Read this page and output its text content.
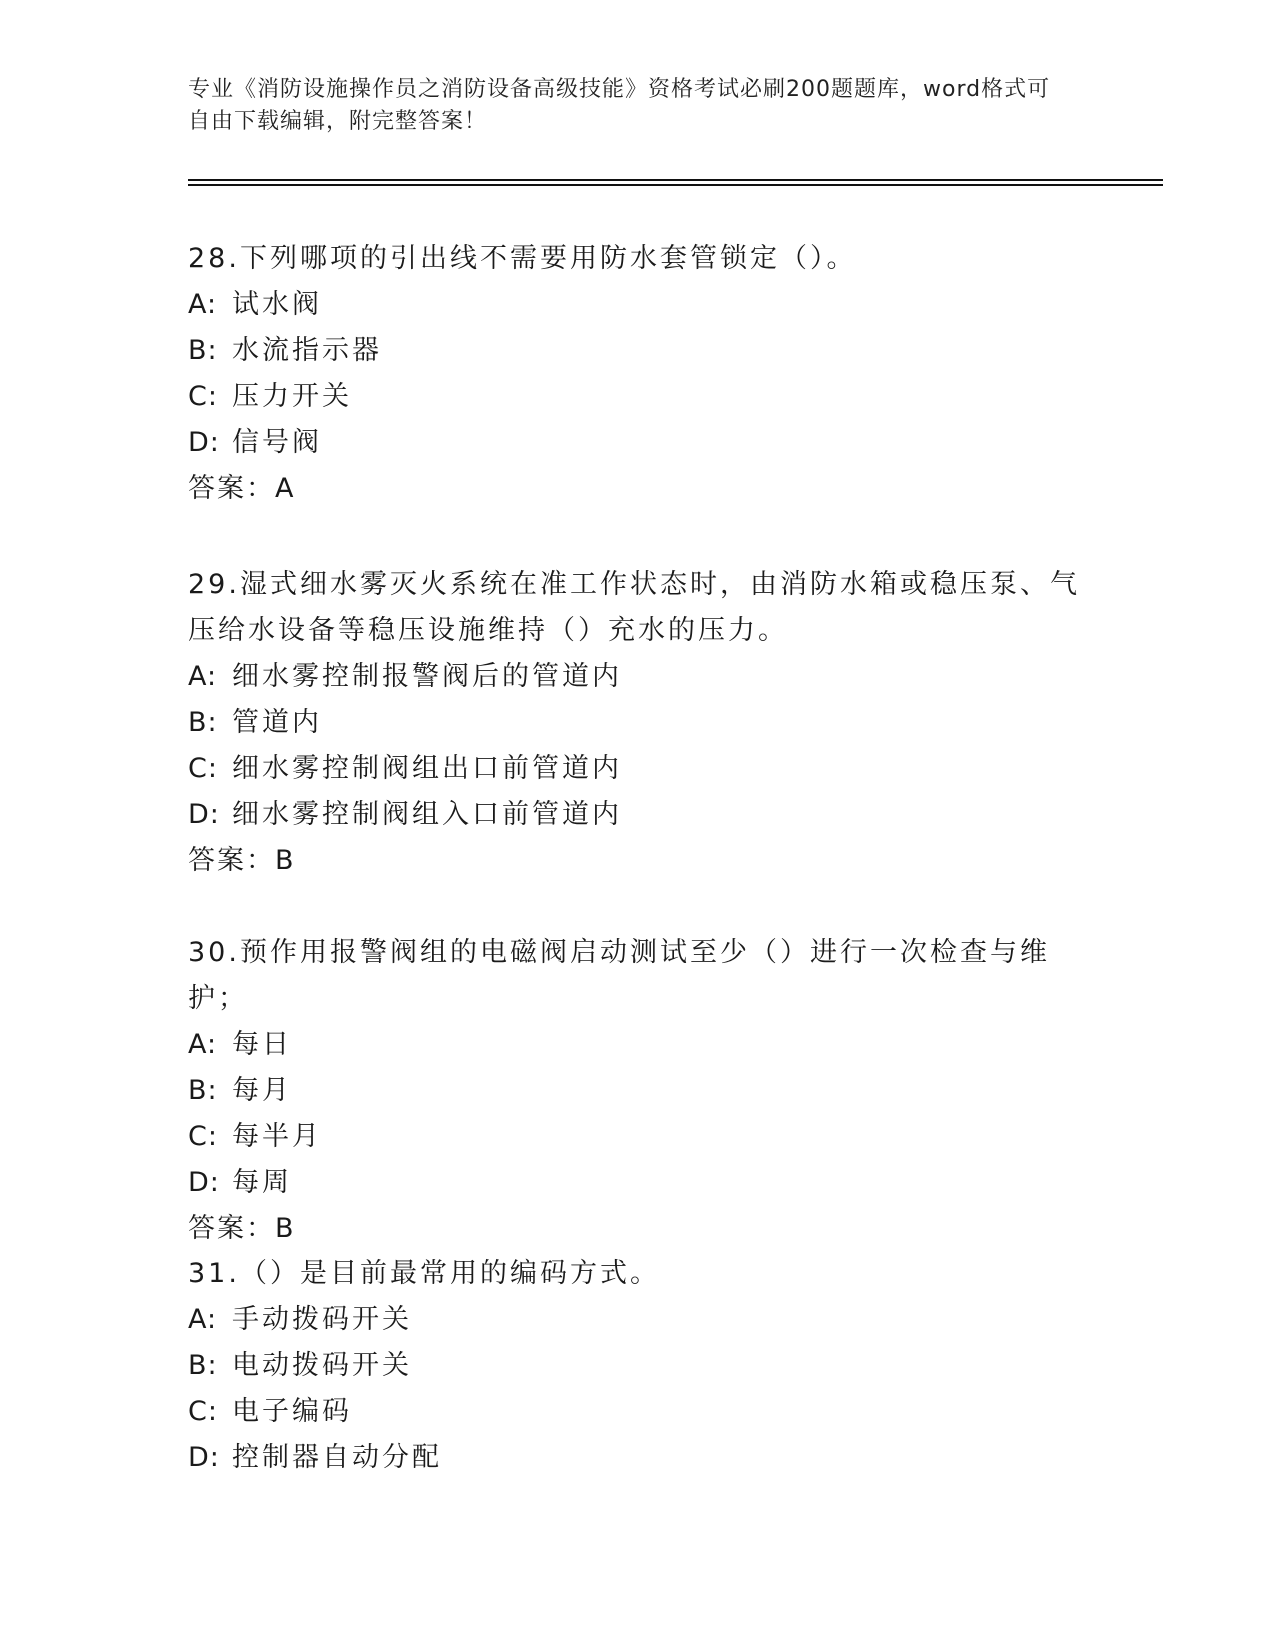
专业《消防设施操作员之消防设备高级技能》资格考试必刷200题题库，word格式可自由下载编辑，附完整答案！

28.下列哪项的引出线不需要用防水套管锁定（）。

A: 试水阀

B: 水流指示器

C: 压力开关

D: 信号阀

答案：A

29.湿式细水雾灭火系统在准工作状态时，由消防水箱或稳压泵、气压给水设备等稳压设施维持（）充水的压力。

A: 细水雾控制报警阀后的管道内

B: 管道内

C: 细水雾控制阀组出口前管道内

D: 细水雾控制阀组入口前管道内

答案：B

30.预作用报警阀组的电磁阀启动测试至少（）进行一次检查与维护；

A: 每日

B: 每月

C: 每半月

D: 每周

答案：B

31.（）是目前最常用的编码方式。

A: 手动拨码开关

B: 电动拨码开关

C: 电子编码

D: 控制器自动分配
